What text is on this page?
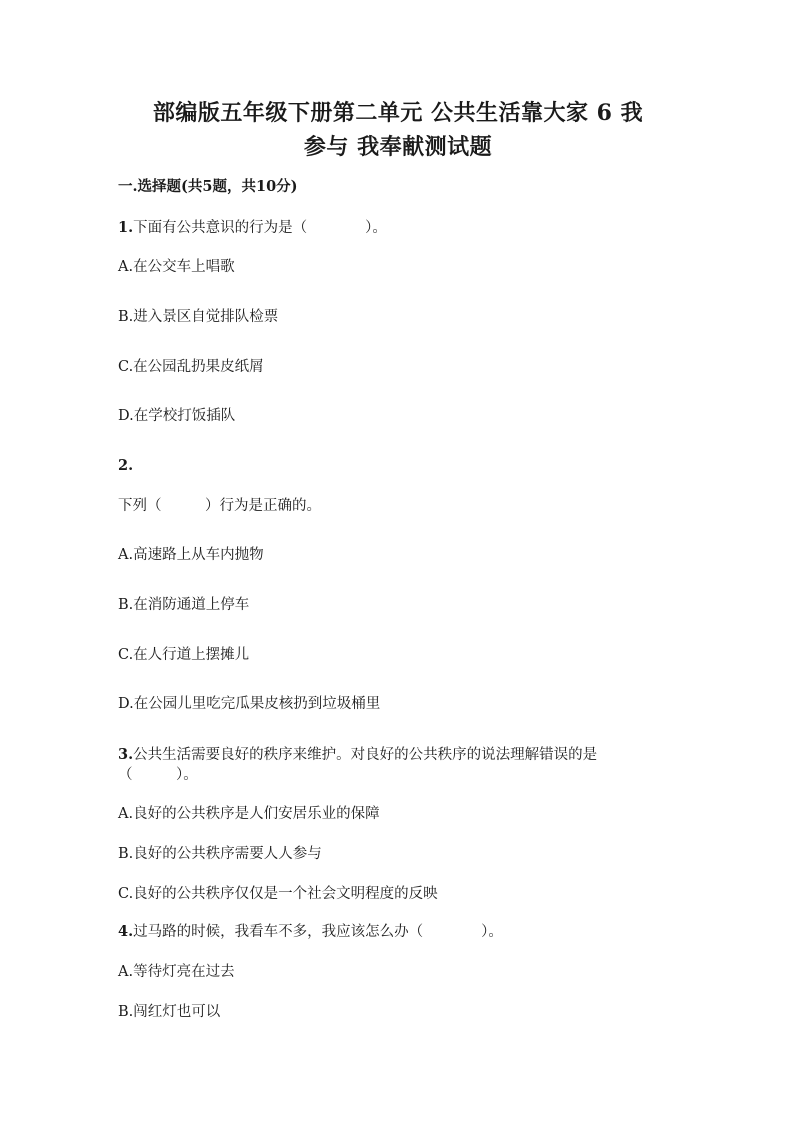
部编版五年级下册第二单元 公共生活靠大家 6 我
参与 我奉献测试题
一.选择题(共5题，共10分)
1.下面有公共意识的行为是（　　　　）。
A.在公交车上唱歌
B.进入景区自觉排队检票
C.在公园乱扔果皮纸屑
D.在学校打饭插队
2.
下列（　　　）行为是正确的。
A.高速路上从车内抛物
B.在消防通道上停车
C.在人行道上摆摊儿
D.在公园儿里吃完瓜果皮核扔到垃圾桶里
3.公共生活需要良好的秩序来维护。对良好的公共秩序的说法理解错误的是
（　　　）。
A.良好的公共秩序是人们安居乐业的保障
B.良好的公共秩序需要人人参与
C.良好的公共秩序仅仅是一个社会文明程度的反映
4.过马路的时候，我看车不多，我应该怎么办（　　　　）。
A.等待灯亮在过去
B.闯红灯也可以
